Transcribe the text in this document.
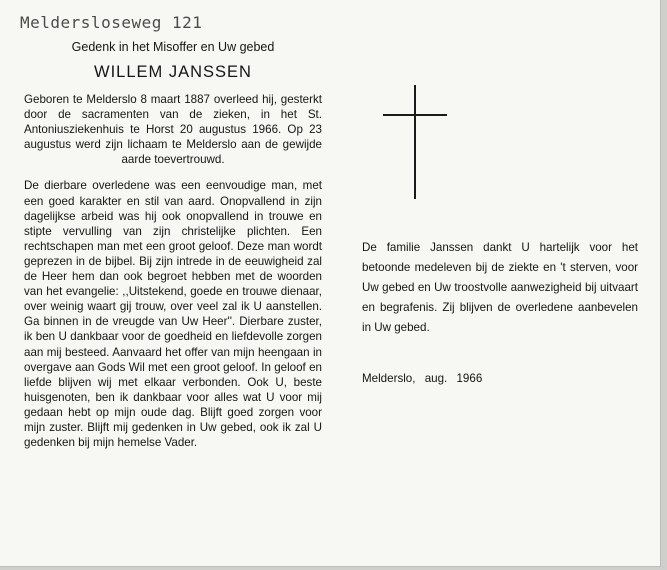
Meldersloseweg 121
Gedenk in het Misoffer en Uw gebed
WILLEM JANSSEN
Geboren te Melderslo 8 maart 1887 overleed hij, gesterkt door de sacramenten van de zieken, in het St. Antoniusziekenhuis te Horst 20 augustus 1966. Op 23 augustus werd zijn lichaam te Melderslo aan de gewijde aarde toevertrouwd.
De dierbare overledene was een eenvoudige man, met een goed karakter en stil van aard. Onopvallend in zijn dagelijkse arbeid was hij ook onopvallend in trouwe en stipte vervulling van zijn christelijke plichten. Een rechtschapen man met een groot geloof. Deze man wordt geprezen in de bijbel. Bij zijn intrede in de eeuwigheid zal de Heer hem dan ook begroet hebben met de woorden van het evangelie: ,,Uitstekend, goede en trouwe dienaar, over weinig waart gij trouw, over veel zal ik U aanstellen. Ga binnen in de vreugde van Uw Heer''. Dierbare zuster, ik ben U dankbaar voor de goedheid en liefdevolle zorgen aan mij besteed. Aanvaard het offer van mijn heengaan in overgave aan Gods Wil met een groot geloof. In geloof en liefde blijven wij met elkaar verbonden. Ook U, beste huisgenoten, ben ik dankbaar voor alles wat U voor mij gedaan hebt op mijn oude dag. Blijft goed zorgen voor mijn zuster. Blijft mij gedenken in Uw gebed, ook ik zal U gedenken bij mijn hemelse Vader.
De familie Janssen dankt U hartelijk voor het betoonde medeleven bij de ziekte en 't sterven, voor Uw gebed en Uw troostvolle aanwezigheid bij uitvaart en begrafenis. Zij blijven de overledene aanbevelen in Uw gebed.
Melderslo, aug. 1966
